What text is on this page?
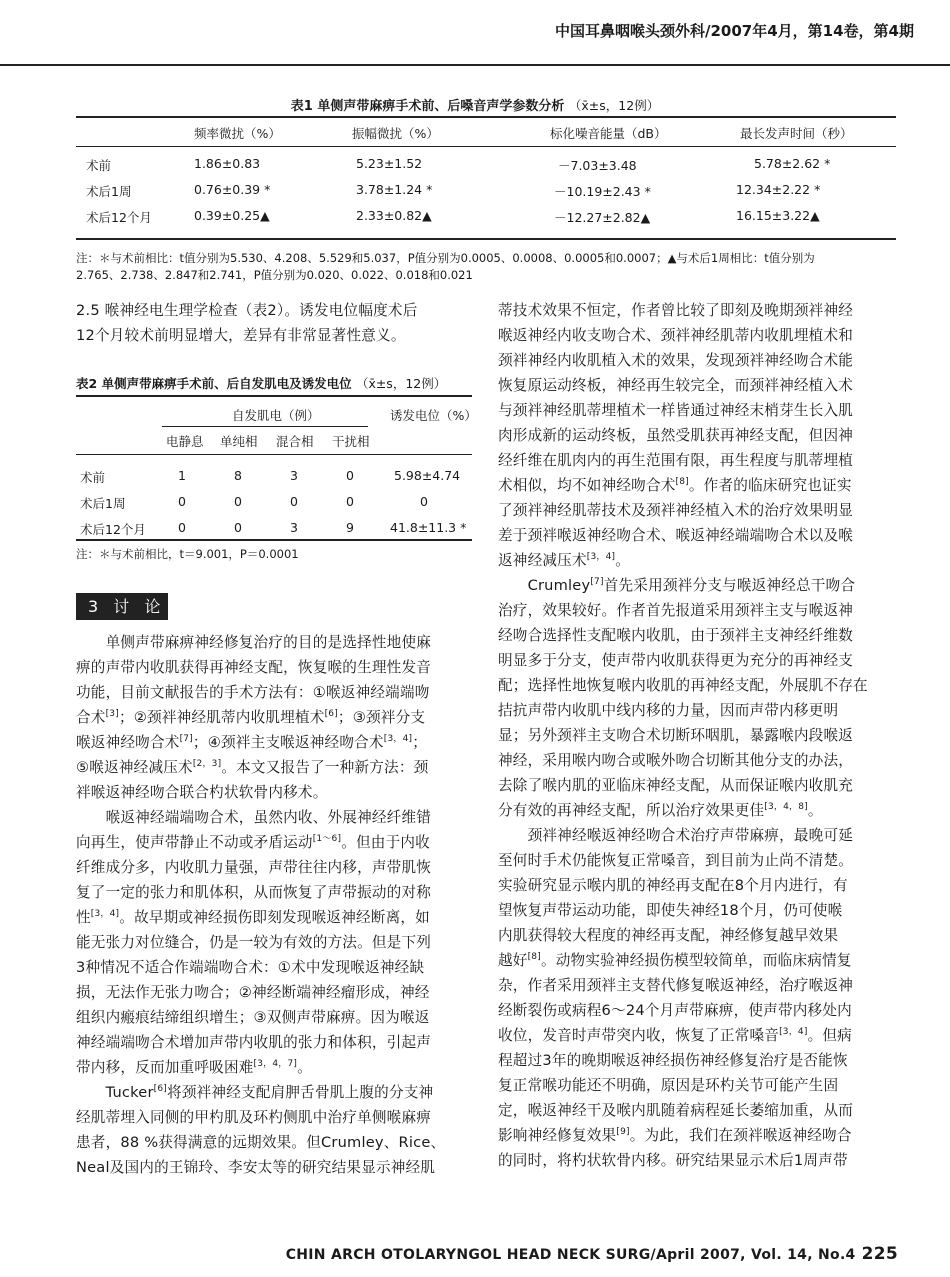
中国耳鼻咽喉头颈外科/2007年4月，第14卷，第4期
表1 单侧声带麻痹手术前、后嗓音声学参数分析 （x̄±s，12例）
频率微扰（%）	振幅微扰（%）	标化噪音能量（dB）	最长发声时间（秒）
术前	1.86±0.83	5.23±1.52	－7.03±3.48	5.78±2.62 *
术后1周	0.76±0.39 *	3.78±1.24 *	－10.19±2.43 *	12.34±2.22 *
术后12个月	0.39±0.25▲	2.33±0.82▲	－12.27±2.82▲	16.15±3.22▲
注：＊与术前相比：t值分别为5.530、4.208、5.529和5.037，P值分别为0.0005、0.0008、0.0005和0.0007；▲与术后1周相比：t值分别为
2.765、2.738、2.847和2.741，P值分别为0.020、0.022、0.018和0.021
2.5 喉神经电生理学检查（表2）。诱发电位幅度术后
12个月较术前明显增大，差异有非常显著性意义。
表2 单侧声带麻痹手术前、后自发肌电及诱发电位 （x̄±s，12例）
自发肌电（例）	诱发电位（%）
电静息 单纯相 混合相 干扰相
术前	1	8	3	0	5.98±4.74
术后1周	0	0	0	0	0
术后12个月	0	0	3	9	41.8±11.3 *
注：＊与术前相比，t＝9.001，P＝0.0001
3 讨 论
　　单侧声带麻痹神经修复治疗的目的是选择性地使麻
痹的声带内收肌获得再神经支配，恢复喉的生理性发音
功能，目前文献报告的手术方法有：①喉返神经端端吻
合术[3]；②颈袢神经肌蒂内收肌埋植术[6]；③颈袢分支
喉返神经吻合术[7]；④颈袢主支喉返神经吻合术[3，4]；
⑤喉返神经减压术[2，3]。本文又报告了一种新方法：颈
袢喉返神经吻合联合杓状软骨内移术。
　　喉返神经端端吻合术，虽然内收、外展神经纤维错
向再生，使声带静止不动或矛盾运动[1～6]。但由于内收
纤维成分多，内收肌力量强，声带往往内移，声带肌恢
复了一定的张力和肌体积，从而恢复了声带振动的对称
性[3，4]。故早期或神经损伤即刻发现喉返神经断离，如
能无张力对位缝合，仍是一较为有效的方法。但是下列
3种情况不适合作端端吻合术：①术中发现喉返神经缺
损，无法作无张力吻合；②神经断端神经瘤形成，神经
组织内瘢痕结缔组织增生；③双侧声带麻痹。因为喉返
神经端端吻合术增加声带内收肌的张力和体积，引起声
带内移，反而加重呼吸困难[3，4，7]。
　　Tucker[6]将颈袢神经支配肩胛舌骨肌上腹的分支神
经肌蒂埋入同侧的甲杓肌及环杓侧肌中治疗单侧喉麻痹
患者，88 %获得满意的远期效果。但Crumley、Rice、
Neal及国内的王锦玲、李安太等的研究结果显示神经肌
蒂技术效果不恒定，作者曾比较了即刻及晚期颈袢神经
喉返神经内收支吻合术、颈袢神经肌蒂内收肌埋植术和
颈袢神经内收肌植入术的效果，发现颈袢神经吻合术能
恢复原运动终板，神经再生较完全，而颈袢神经植入术
与颈袢神经肌蒂埋植术一样皆通过神经末梢芽生长入肌
肉形成新的运动终板，虽然受肌获再神经支配，但因神
经纤维在肌肉内的再生范围有限，再生程度与肌蒂埋植
术相似，均不如神经吻合术[8]。作者的临床研究也证实
了颈袢神经肌蒂技术及颈袢神经植入术的治疗效果明显
差于颈袢喉返神经吻合术、喉返神经端端吻合术以及喉
返神经减压术[3，4]。
　　Crumley[7]首先采用颈袢分支与喉返神经总干吻合
治疗，效果较好。作者首先报道采用颈袢主支与喉返神
经吻合选择性支配喉内收肌，由于颈袢主支神经纤维数
明显多于分支，使声带内收肌获得更为充分的再神经支
配；选择性地恢复喉内收肌的再神经支配，外展肌不存在
拮抗声带内收肌中线内移的力量，因而声带内移更明
显；另外颈袢主支吻合术切断环咽肌，暴露喉内段喉返
神经，采用喉内吻合或喉外吻合切断其他分支的办法，
去除了喉内肌的亚临床神经支配，从而保证喉内收肌充
分有效的再神经支配，所以治疗效果更佳[3，4，8]。
　　颈袢神经喉返神经吻合术治疗声带麻痹，最晚可延
至何时手术仍能恢复正常嗓音，到目前为止尚不清楚。
实验研究显示喉内肌的神经再支配在8个月内进行，有
望恢复声带运动功能，即使失神经18个月，仍可使喉
内肌获得较大程度的神经再支配，神经修复越早效果
越好[8]。动物实验神经损伤模型较简单，而临床病情复
杂，作者采用颈袢主支替代修复喉返神经，治疗喉返神
经断裂伤或病程6～24个月声带麻痹，使声带内移处内
收位，发音时声带突内收，恢复了正常嗓音[3，4]。但病
程超过3年的晚期喉返神经损伤神经修复治疗是否能恢
复正常喉功能还不明确，原因是环杓关节可能产生固
定，喉返神经干及喉内肌随着病程延长萎缩加重，从而
影响神经修复效果[9]。为此，我们在颈袢喉返神经吻合
的同时，将杓状软骨内移。研究结果显示术后1周声带
CHIN ARCH OTOLARYNGOL HEAD NECK SURG/April 2007, Vol. 14, No.4 225
